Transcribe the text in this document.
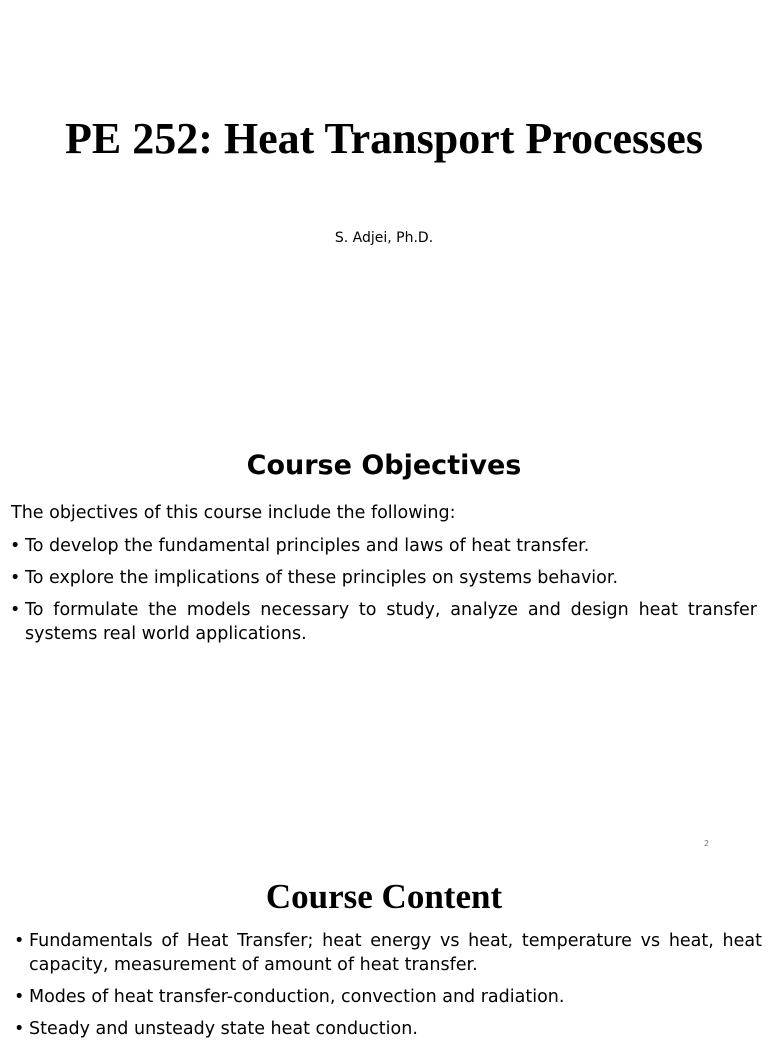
PE 252: Heat Transport Processes
S. Adjei, Ph.D.
Course Objectives
The objectives of this course include the following:
• To develop the fundamental principles and laws of heat transfer.
• To explore the implications of these principles on systems behavior.
• To formulate the models necessary to study, analyze and design heat transfer systems real world applications.
2
Course Content
• Fundamentals of Heat Transfer; heat energy vs heat, temperature vs heat, heat capacity, measurement of amount of heat transfer.
• Modes of heat transfer-conduction, convection and radiation.
• Steady and unsteady state heat conduction.
